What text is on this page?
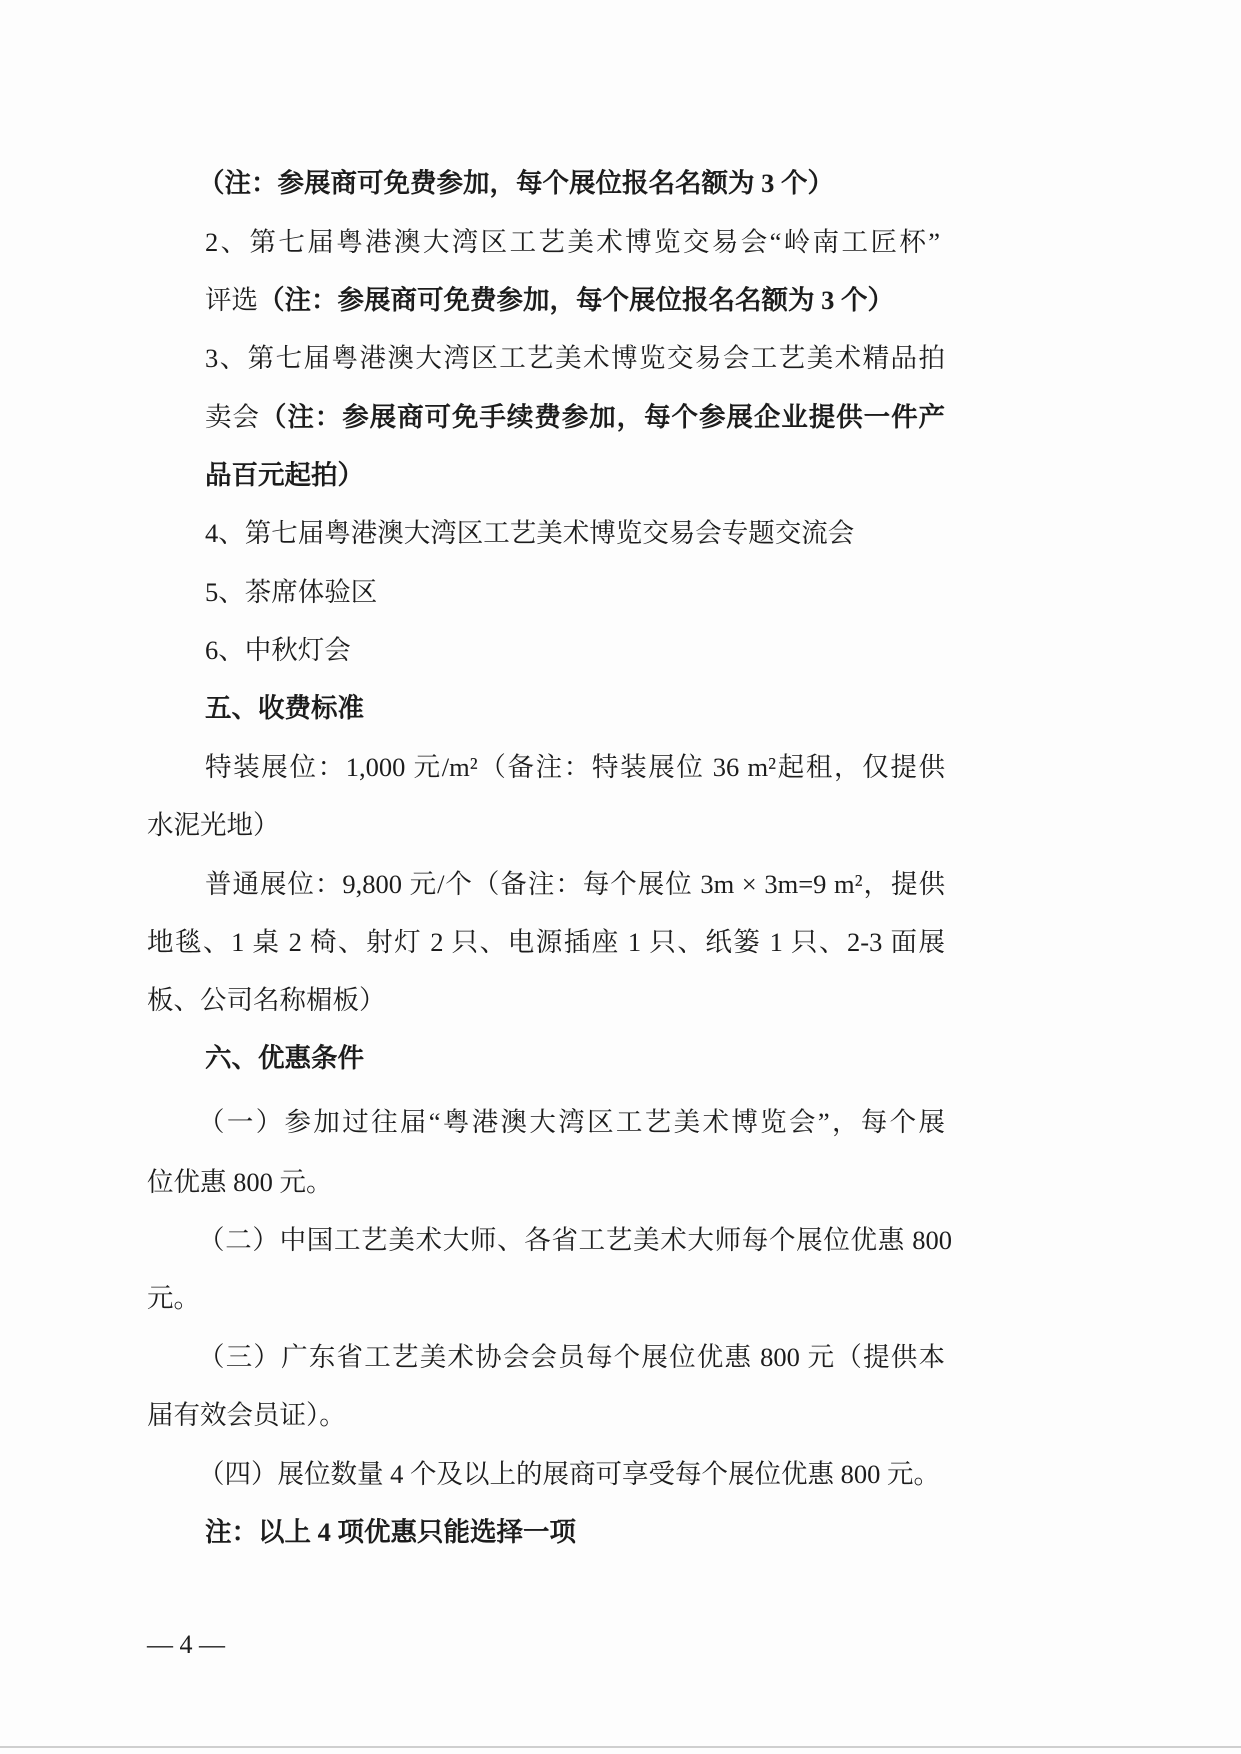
（注：参展商可免费参加，每个展位报名名额为 3 个）
2、第七届粤港澳大湾区工艺美术博览交易会“岭南工匠杯”
评选（注：参展商可免费参加，每个展位报名名额为 3 个）
3、第七届粤港澳大湾区工艺美术博览交易会工艺美术精品拍
卖会（注：参展商可免手续费参加，每个参展企业提供一件产
品百元起拍）
4、第七届粤港澳大湾区工艺美术博览交易会专题交流会
5、茶席体验区
6、中秋灯会
五、收费标准
特装展位：1,000 元/m²（备注：特装展位 36 m²起租，仅提供
水泥光地）
普通展位：9,800 元/个（备注：每个展位 3m × 3m=9 m²，提供
地毯、1 桌 2 椅、射灯 2 只、电源插座 1 只、纸篓 1 只、2-3 面展
板、公司名称楣板）
六、优惠条件
（一）参加过往届“粤港澳大湾区工艺美术博览会”，每个展
位优惠 800 元。
（二）中国工艺美术大师、各省工艺美术大师每个展位优惠 800
元。
（三）广东省工艺美术协会会员每个展位优惠 800 元（提供本
届有效会员证）。
（四）展位数量 4 个及以上的展商可享受每个展位优惠 800 元。
注：以上 4 项优惠只能选择一项
— 4 —
